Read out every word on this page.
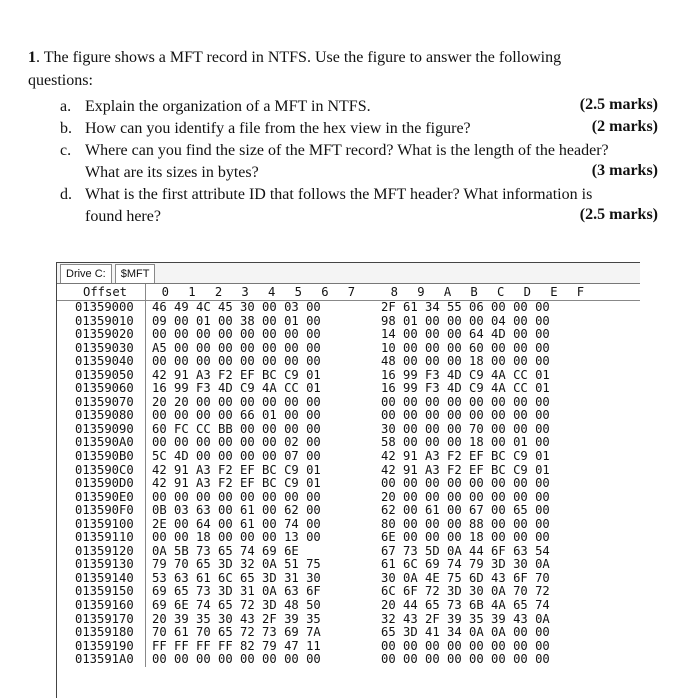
1. The figure shows a MFT record in NTFS. Use the figure to answer the following
questions:
a. Explain the organization of a MFT in NTFS.	(2.5 marks)
b. How can you identify a file from the hex view in the figure?	(2 marks)
c. Where can you find the size of the MFT record? What is the length of the header?
What are its sizes in bytes?	(3 marks)
d. What is the first attribute ID that follows the MFT header? What information is
found here?	(2.5 marks)
Drive C:	$MFT
Offset	0 1 2 3 4 5 6 7	8 9 A B C D E F
01359000	46 49 4C 45 30 00 03 00	2F 61 34 55 06 00 00 00
01359010	09 00 01 00 38 00 01 00	98 01 00 00 00 04 00 00
01359020	00 00 00 00 00 00 00 00	14 00 00 00 64 4D 00 00
01359030	A5 00 00 00 00 00 00 00	10 00 00 00 60 00 00 00
01359040	00 00 00 00 00 00 00 00	48 00 00 00 18 00 00 00
01359050	42 91 A3 F2 EF BC C9 01	16 99 F3 4D C9 4A CC 01
01359060	16 99 F3 4D C9 4A CC 01	16 99 F3 4D C9 4A CC 01
01359070	20 20 00 00 00 00 00 00	00 00 00 00 00 00 00 00
01359080	00 00 00 00 66 01 00 00	00 00 00 00 00 00 00 00
01359090	60 FC CC BB 00 00 00 00	30 00 00 00 70 00 00 00
013590A0	00 00 00 00 00 00 02 00	58 00 00 00 18 00 01 00
013590B0	5C 4D 00 00 00 00 07 00	42 91 A3 F2 EF BC C9 01
013590C0	42 91 A3 F2 EF BC C9 01	42 91 A3 F2 EF BC C9 01
013590D0	42 91 A3 F2 EF BC C9 01	00 00 00 00 00 00 00 00
013590E0	00 00 00 00 00 00 00 00	20 00 00 00 00 00 00 00
013590F0	0B 03 63 00 61 00 62 00	62 00 61 00 67 00 65 00
01359100	2E 00 64 00 61 00 74 00	80 00 00 00 88 00 00 00
01359110	00 00 18 00 00 00 13 00	6E 00 00 00 18 00 00 00
01359120	0A 5B 73 65 74 69 6E	67 73 5D 0A 44 6F 63 54
01359130	79 70 65 3D 32 0A 51 75	61 6C 69 74 79 3D 30 0A
01359140	53 63 61 6C 65 3D 31 30	30 0A 4E 75 6D 43 6F 70
01359150	69 65 73 3D 31 0A 63 6F	6C 6F 72 3D 30 0A 70 72
01359160	69 6E 74 65 72 3D 48 50	20 44 65 73 6B 4A 65 74
01359170	20 39 35 30 43 2F 39 35	32 43 2F 39 35 39 43 0A
01359180	70 61 70 65 72 73 69 7A	65 3D 41 34 0A 0A 00 00
01359190	FF FF FF FF 82 79 47 11	00 00 00 00 00 00 00 00
013591A0	00 00 00 00 00 00 00 00	00 00 00 00 00 00 00 00
